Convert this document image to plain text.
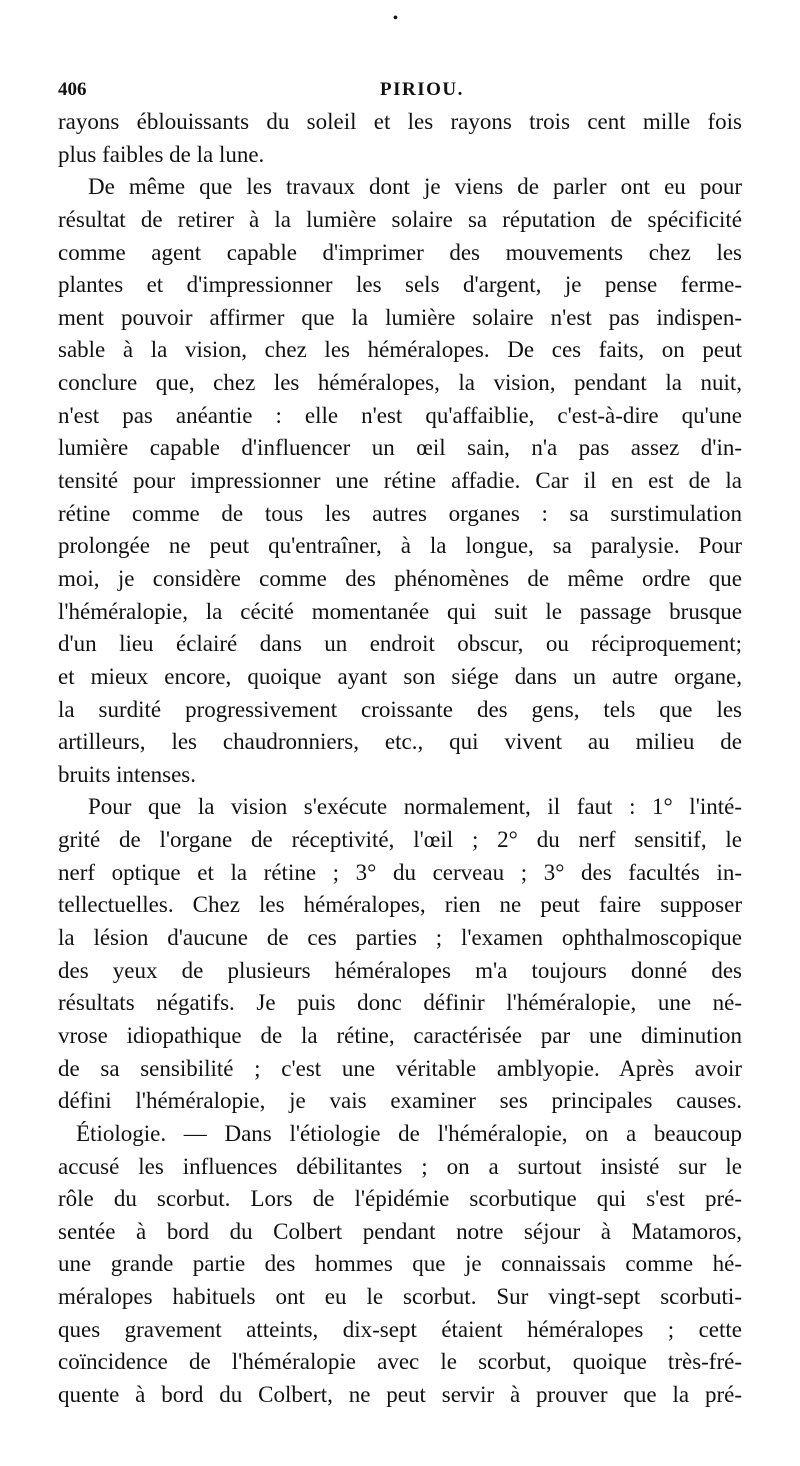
•
406	PIRIOU.
rayons éblouissants du soleil et les rayons trois cent mille fois
plus faibles de la lune.
De même que les travaux dont je viens de parler ont eu pour
résultat de retirer à la lumière solaire sa réputation de spécificité
comme agent capable d'imprimer des mouvements chez les
plantes et d'impressionner les sels d'argent, je pense ferme-
ment pouvoir affirmer que la lumière solaire n'est pas indispen-
sable à la vision, chez les héméralopes. De ces faits, on peut
conclure que, chez les héméralopes, la vision, pendant la nuit,
n'est pas anéantie : elle n'est qu'affaiblie, c'est-à-dire qu'une
lumière capable d'influencer un œil sain, n'a pas assez d'in-
tensité pour impressionner une rétine affadie. Car il en est de la
rétine comme de tous les autres organes : sa surstimulation
prolongée ne peut qu'entraîner, à la longue, sa paralysie. Pour
moi, je considère comme des phénomènes de même ordre que
l'héméralopie, la cécité momentanée qui suit le passage brusque
d'un lieu éclairé dans un endroit obscur, ou réciproquement;
et mieux encore, quoique ayant son siége dans un autre organe,
la surdité progressivement croissante des gens, tels que les
artilleurs, les chaudronniers, etc., qui vivent au milieu de
bruits intenses.
Pour que la vision s'exécute normalement, il faut : 1° l'inté-
grité de l'organe de réceptivité, l'œil ; 2° du nerf sensitif, le
nerf optique et la rétine ; 3° du cerveau ; 3° des facultés in-
tellectuelles. Chez les héméralopes, rien ne peut faire supposer
la lésion d'aucune de ces parties ; l'examen ophthalmoscopique
des yeux de plusieurs héméralopes m'a toujours donné des
résultats négatifs. Je puis donc définir l'héméralopie, une né-
vrose idiopathique de la rétine, caractérisée par une diminution
de sa sensibilité ; c'est une véritable amblyopie. Après avoir
défini l'héméralopie, je vais examiner ses principales causes.
Étiologie. — Dans l'étiologie de l'héméralopie, on a beaucoup
accusé les influences débilitantes ; on a surtout insisté sur le
rôle du scorbut. Lors de l'épidémie scorbutique qui s'est pré-
sentée à bord du Colbert pendant notre séjour à Matamoros,
une grande partie des hommes que je connaissais comme hé-
méralopes habituels ont eu le scorbut. Sur vingt-sept scorbuti-
ques gravement atteints, dix-sept étaient héméralopes ; cette
coïncidence de l'héméralopie avec le scorbut, quoique très-fré-
quente à bord du Colbert, ne peut servir à prouver que la pré-
